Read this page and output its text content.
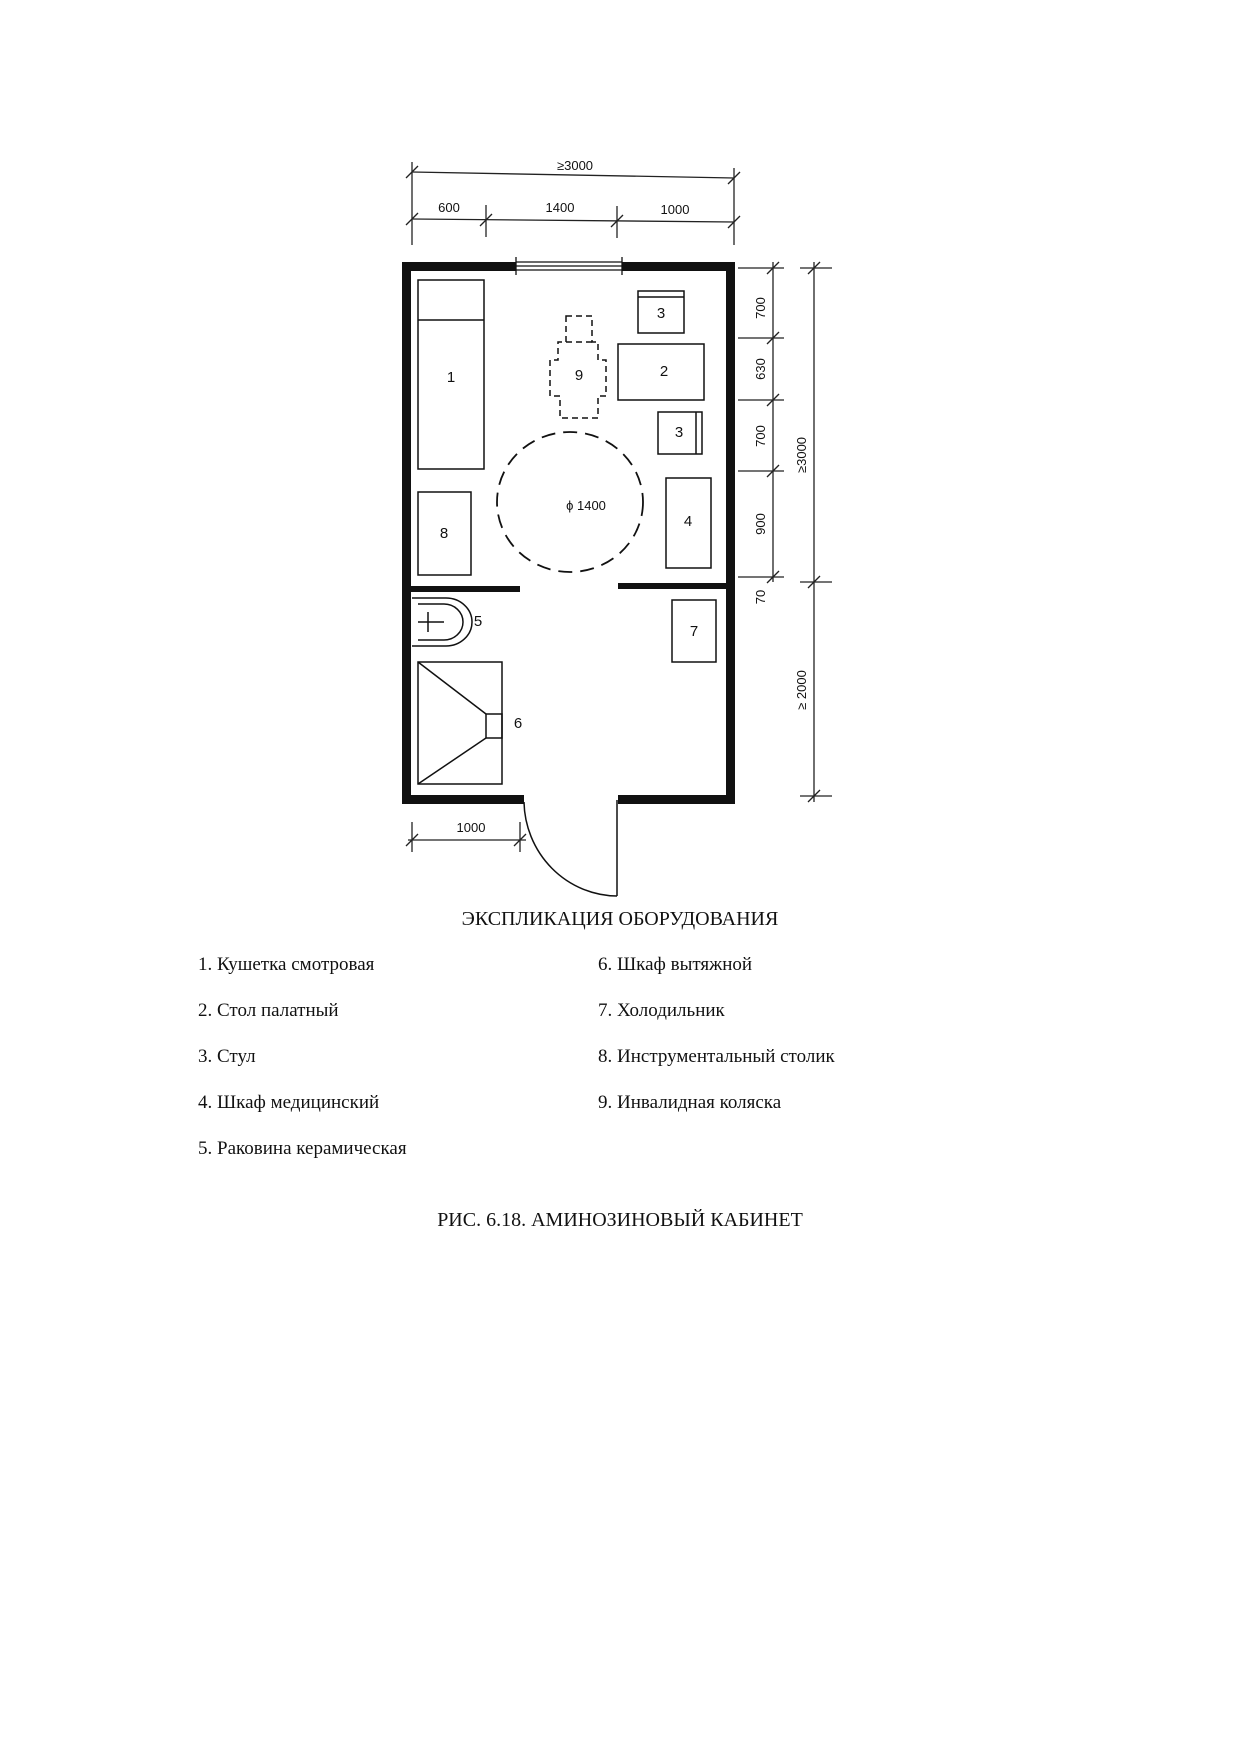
≥3000
600	1400	1000
1
8
3
2
3
4
9
ϕ 1400
5
6
7
1000
700
630
700
900
70
≥3000
≥ 2000
ЭКСПЛИКАЦИЯ ОБОРУДОВАНИЯ
1. Кушетка смотровая
2. Стол палатный
3. Стул
4. Шкаф медицинский
5. Раковина керамическая
6. Шкаф вытяжной
7. Холодильник
8. Инструментальный столик
9. Инвалидная коляска
РИС. 6.18. АМИНОЗИНОВЫЙ КАБИНЕТ
